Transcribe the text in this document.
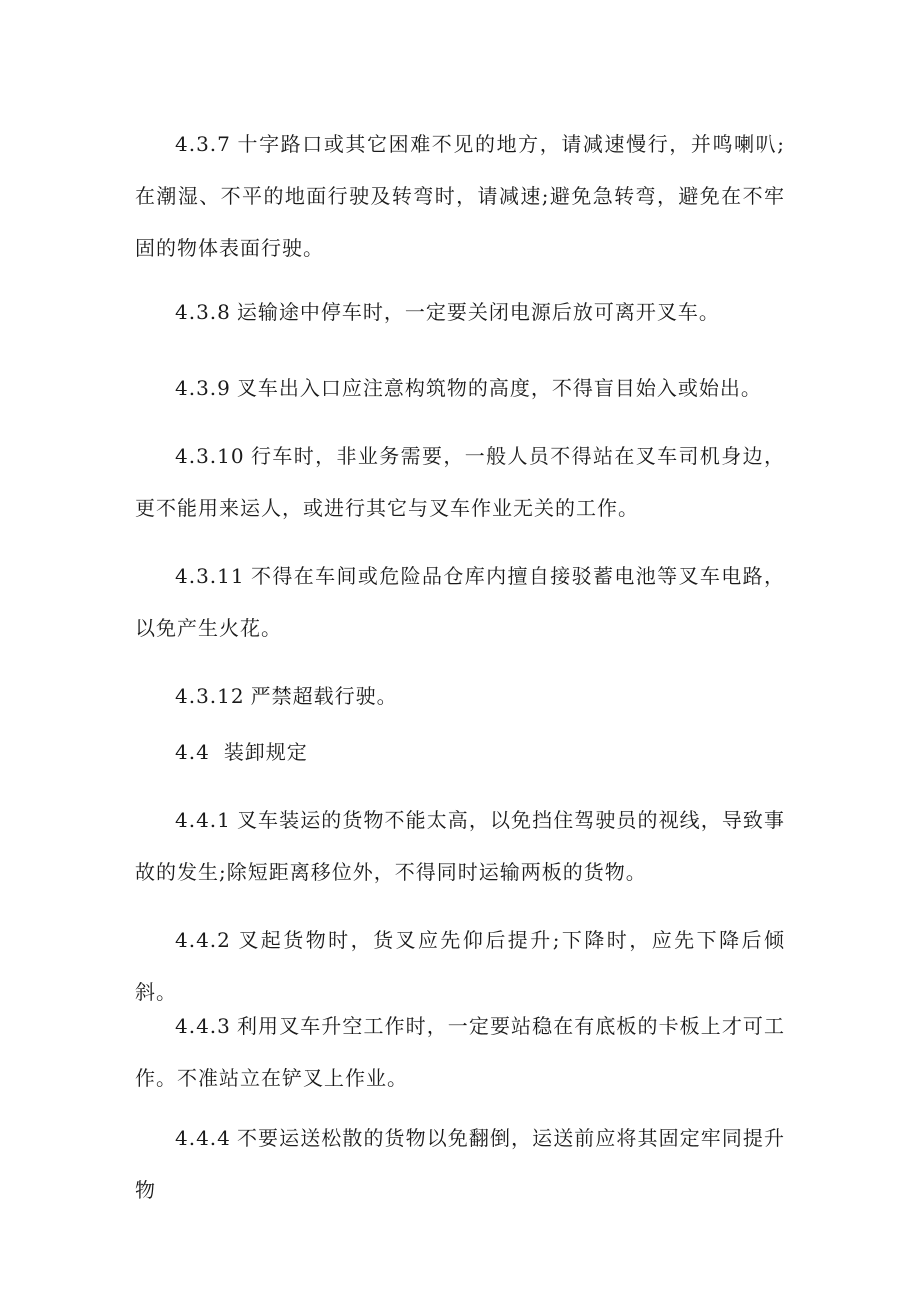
4.3.7 十字路口或其它困难不见的地方，请减速慢行，并鸣喇叭;在潮湿、不平的地面行驶及转弯时，请减速;避免急转弯，避免在不牢固的物体表面行驶。

4.3.8 运输途中停车时，一定要关闭电源后放可离开叉车。

4.3.9 叉车出入口应注意构筑物的高度，不得盲目始入或始出。

4.3.10 行车时，非业务需要，一般人员不得站在叉车司机身边，更不能用来运人，或进行其它与叉车作业无关的工作。

4.3.11 不得在车间或危险品仓库内擅自接驳蓄电池等叉车电路，以免产生火花。

4.3.12 严禁超载行驶。

4.4 装卸规定

4.4.1 叉车装运的货物不能太高，以免挡住驾驶员的视线，导致事故的发生;除短距离移位外，不得同时运输两板的货物。

4.4.2 叉起货物时，货叉应先仰后提升;下降时，应先下降后倾斜。

4.4.3 利用叉车升空工作时，一定要站稳在有底板的卡板上才可工作。不准站立在铲叉上作业。

4.4.4 不要运送松散的货物以免翻倒，运送前应将其固定牢同提升物
